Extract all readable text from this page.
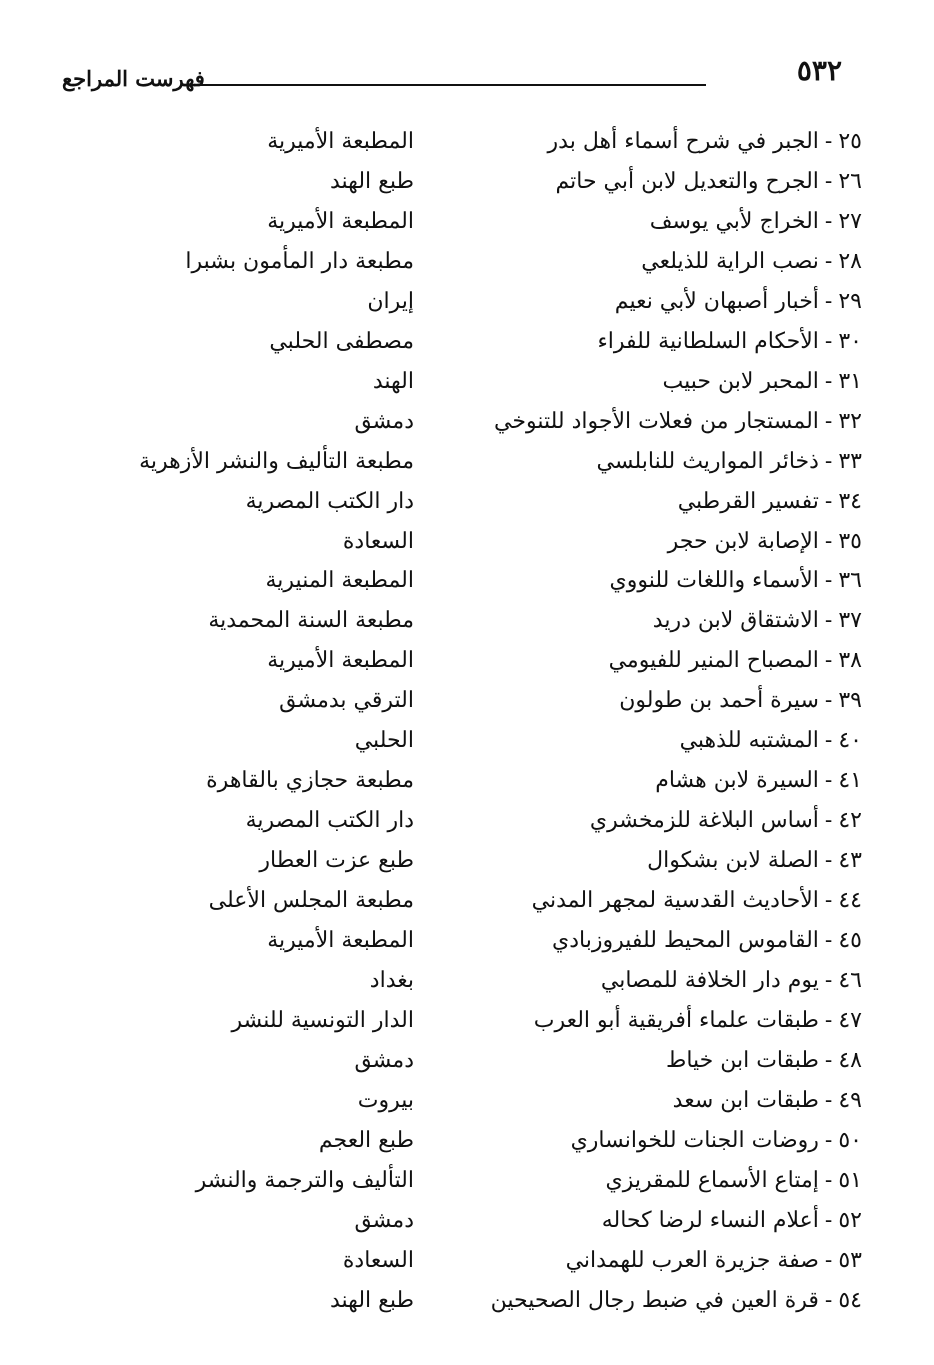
٥٣٢
فهرست المراجع
٢٥-الجبر في شرح أسماء أهل بدر
المطبعة الأميرية
٢٦-الجرح والتعديل لابن أبي حاتم
طبع الهند
٢٧-الخراج لأبي يوسف
المطبعة الأميرية
٢٨-نصب الراية للذيلعي
مطبعة دار المأمون بشبرا
٢٩-أخبار أصبهان لأبي نعيم
إيران
٣٠-الأحكام السلطانية للفراء
مصطفى الحلبي
٣١-المحبر لابن حبيب
الهند
٣٢-المستجار من فعلات الأجواد للتنوخي
دمشق
٣٣-ذخائر المواريث للنابلسي
مطبعة التأليف والنشر الأزهرية
٣٤-تفسير القرطبي
دار الكتب المصرية
٣٥-الإصابة لابن حجر
السعادة
٣٦-الأسماء واللغات للنووي
المطبعة المنيرية
٣٧-الاشتقاق لابن دريد
مطبعة السنة المحمدية
٣٨-المصباح المنير للفيومي
المطبعة الأميرية
٣٩-سيرة أحمد بن طولون
الترقي بدمشق
٤٠-المشتبه للذهبي
الحلبي
٤١-السيرة لابن هشام
مطبعة حجازي بالقاهرة
٤٢-أساس البلاغة للزمخشري
دار الكتب المصرية
٤٣-الصلة لابن بشكوال
طبع عزت العطار
٤٤-الأحاديث القدسية لمجهر المدني
مطبعة المجلس الأعلى
٤٥-القاموس المحيط للفيروزبادي
المطبعة الأميرية
٤٦-يوم دار الخلافة للمصابي
بغداد
٤٧-طبقات علماء أفريقية أبو العرب
الدار التونسية للنشر
٤٨-طبقات ابن خياط
دمشق
٤٩-طبقات ابن سعد
بيروت
٥٠-روضات الجنات للخوانساري
طبع العجم
٥١-إمتاع الأسماع للمقريزي
التأليف والترجمة والنشر
٥٢-أعلام النساء لرضا كحاله
دمشق
٥٣-صفة جزيرة العرب للهمداني
السعادة
٥٤-قرة العين في ضبط رجال الصحيحين
طبع الهند
